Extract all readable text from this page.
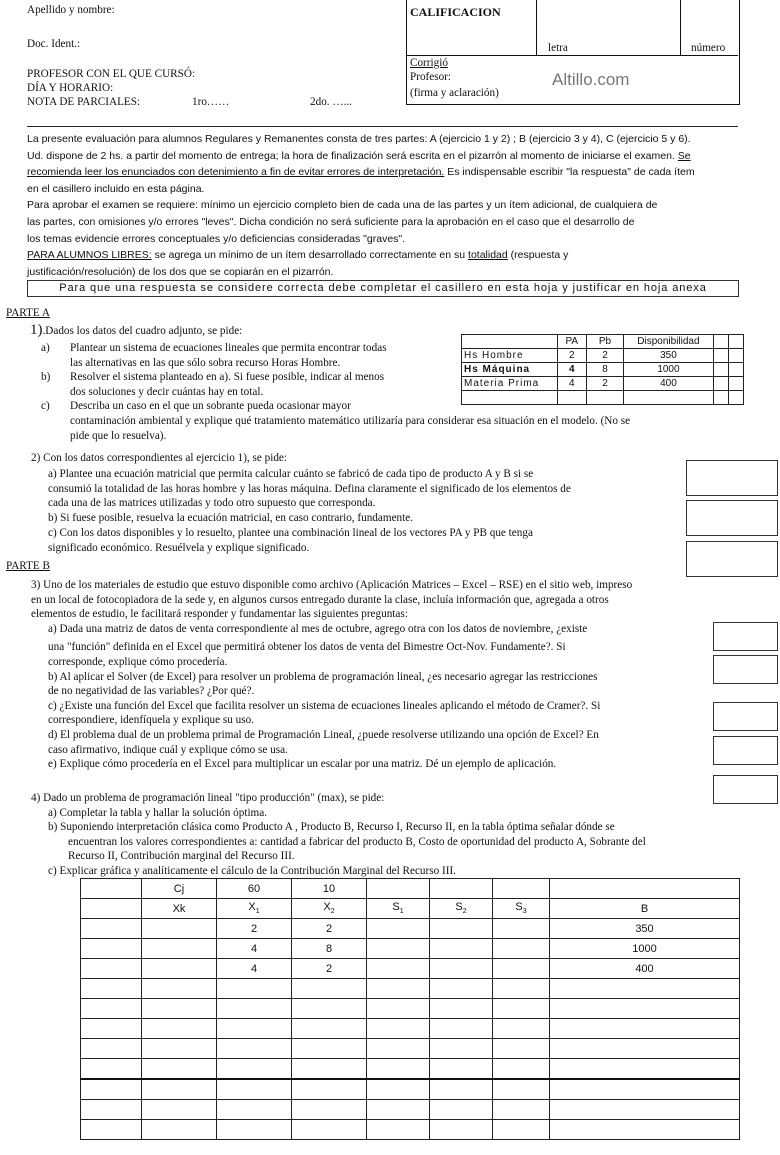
Apellido y nombre:
Doc. Ident.:
PROFESOR CON EL QUE CURSÓ:
DÍA Y HORARIO:
NOTA DE PARCIALES:	1ro……	2do. …...
CALIFICACION
letra	número
Corrigió
Profesor:
(firma y aclaración)
Altillo.com
La presente evaluación para alumnos Regulares y Remanentes consta de tres partes: A (ejercicio 1 y 2) ; B (ejercicio 3 y 4), C (ejercicio 5 y 6).
Ud. dispone de 2 hs. a partir del momento de entrega; la hora de finalización será escrita en el pizarrón al momento de iniciarse el examen. Se
recomienda leer los enunciados con detenimiento a fin de evitar errores de interpretación. Es indispensable escribir "la respuesta" de cada ítem
en el casillero incluido en esta página.
Para aprobar el examen se requiere: mínimo un ejercicio completo bien de cada una de las partes y un ítem adicional, de cualquiera de
las partes, con omisiones y/o errores "leves". Dicha condición no será suficiente para la aprobación en el caso que el desarrollo de
los temas evidencie errores conceptuales y/o deficiencias consideradas "graves".
PARA ALUMNOS LIBRES: se agrega un mínimo de un ítem desarrollado correctamente en su totalidad (respuesta y
justificación/resolución) de los dos que se copiarán en el pizarrón.
Para que una respuesta se considere correcta debe completar el casillero en esta hoja y justificar en hoja anexa
PARTE A
1).Dados los datos del cuadro adjunto, se pide:
a) Plantear un sistema de ecuaciones lineales que permita encontrar todas
las alternativas en las que sólo sobra recurso Horas Hombre.
b) Resolver el sistema planteado en a). Si fuese posible, indicar al menos
dos soluciones y decir cuántas hay en total.
c) Describa un caso en el que un sobrante pueda ocasionar mayor
contaminación ambiental y explique qué tratamiento matemático utilizaría para considerar esa situación en el modelo. (No se
pide que lo resuelva).
	PA	Pb	Disponibilidad		
Hs Hombre	2	2	350		
Hs Máquina	4	8	1000		
Materia Prima	4	2	400		

2) Con los datos correspondientes al ejercicio 1), se pide:
a) Plantee una ecuación matricial que permita calcular cuánto se fabricó de cada tipo de producto A y B si se
consumió la totalidad de las horas hombre y las horas máquina. Defina claramente el significado de los elementos de
cada una de las matrices utilizadas y todo otro supuesto que corresponda.
b) Si fuese posible, resuelva la ecuación matricial, en caso contrario, fundamente.
c) Con los datos disponibles y lo resuelto, plantee una combinación lineal de los vectores PA y PB que tenga
significado económico. Resuélvela y explique significado.
PARTE B
3) Uno de los materiales de estudio que estuvo disponible como archivo (Aplicación Matrices – Excel – RSE) en el sitio web, impreso
en un local de fotocopiadora de la sede y, en algunos cursos entregado durante la clase, incluía información que, agregada a otros
elementos de estudio, le facilitará responder y fundamentar las siguientes preguntas:
a) Dada una matriz de datos de venta correspondiente al mes de octubre, agrego otra con los datos de noviembre, ¿existe
una "función" definida en el Excel que permitirá obtener los datos de venta del Bimestre Oct-Nov. Fundamente?. Si
corresponde, explique cómo procedería.
b) Al aplicar el Solver (de Excel) para resolver un problema de programación lineal, ¿es necesario agregar las restricciones
de no negatividad de las variables? ¿Por qué?.
c) ¿Existe una función del Excel que facilita resolver un sistema de ecuaciones lineales aplicando el método de Cramer?. Si
correspondiere, idenfíquela y explique su uso.
d) El problema dual de un problema primal de Programación Lineal, ¿puede resolverse utilizando una opción de Excel? En
caso afirmativo, indique cuál y explique cómo se usa.
e) Explique cómo procedería en el Excel para multiplicar un escalar por una matriz. Dé un ejemplo de aplicación.
4) Dado un problema de programación lineal "tipo producción" (max), se pide:
a) Completar la tabla y hallar la solución óptima.
b) Suponiendo interpretación clásica como Producto A , Producto B, Recurso I, Recurso II, en la tabla óptima señalar dónde se
encuentran los valores correspondientes a: cantidad a fabricar del producto B, Costo de oportunidad del producto A, Sobrante del
Recurso II, Contribución marginal del Recurso III.
c) Explicar gráfica y analíticamente el cálculo de la Contribución Marginal del Recurso III.
	Cj	60	10				
	Xk	$X_1$	$X_2$	$S_1$	$S_2$	$S_3$	B
		2	2				350
		4	8				1000
		4	2				400
